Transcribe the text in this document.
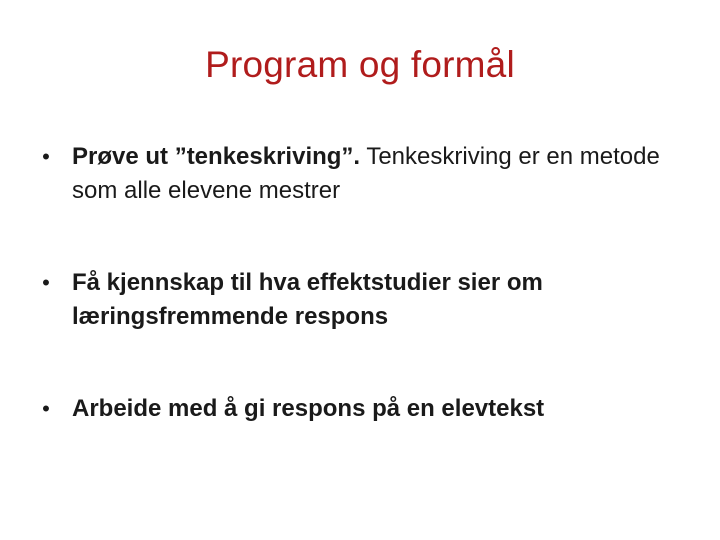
Program og formål
• Prøve ut ”tenkeskriving”. Tenkeskriving er en metode som alle elevene mestrer
• Få kjennskap til hva effektstudier sier om læringsfremmende respons
• Arbeide med å gi respons på en elevtekst
